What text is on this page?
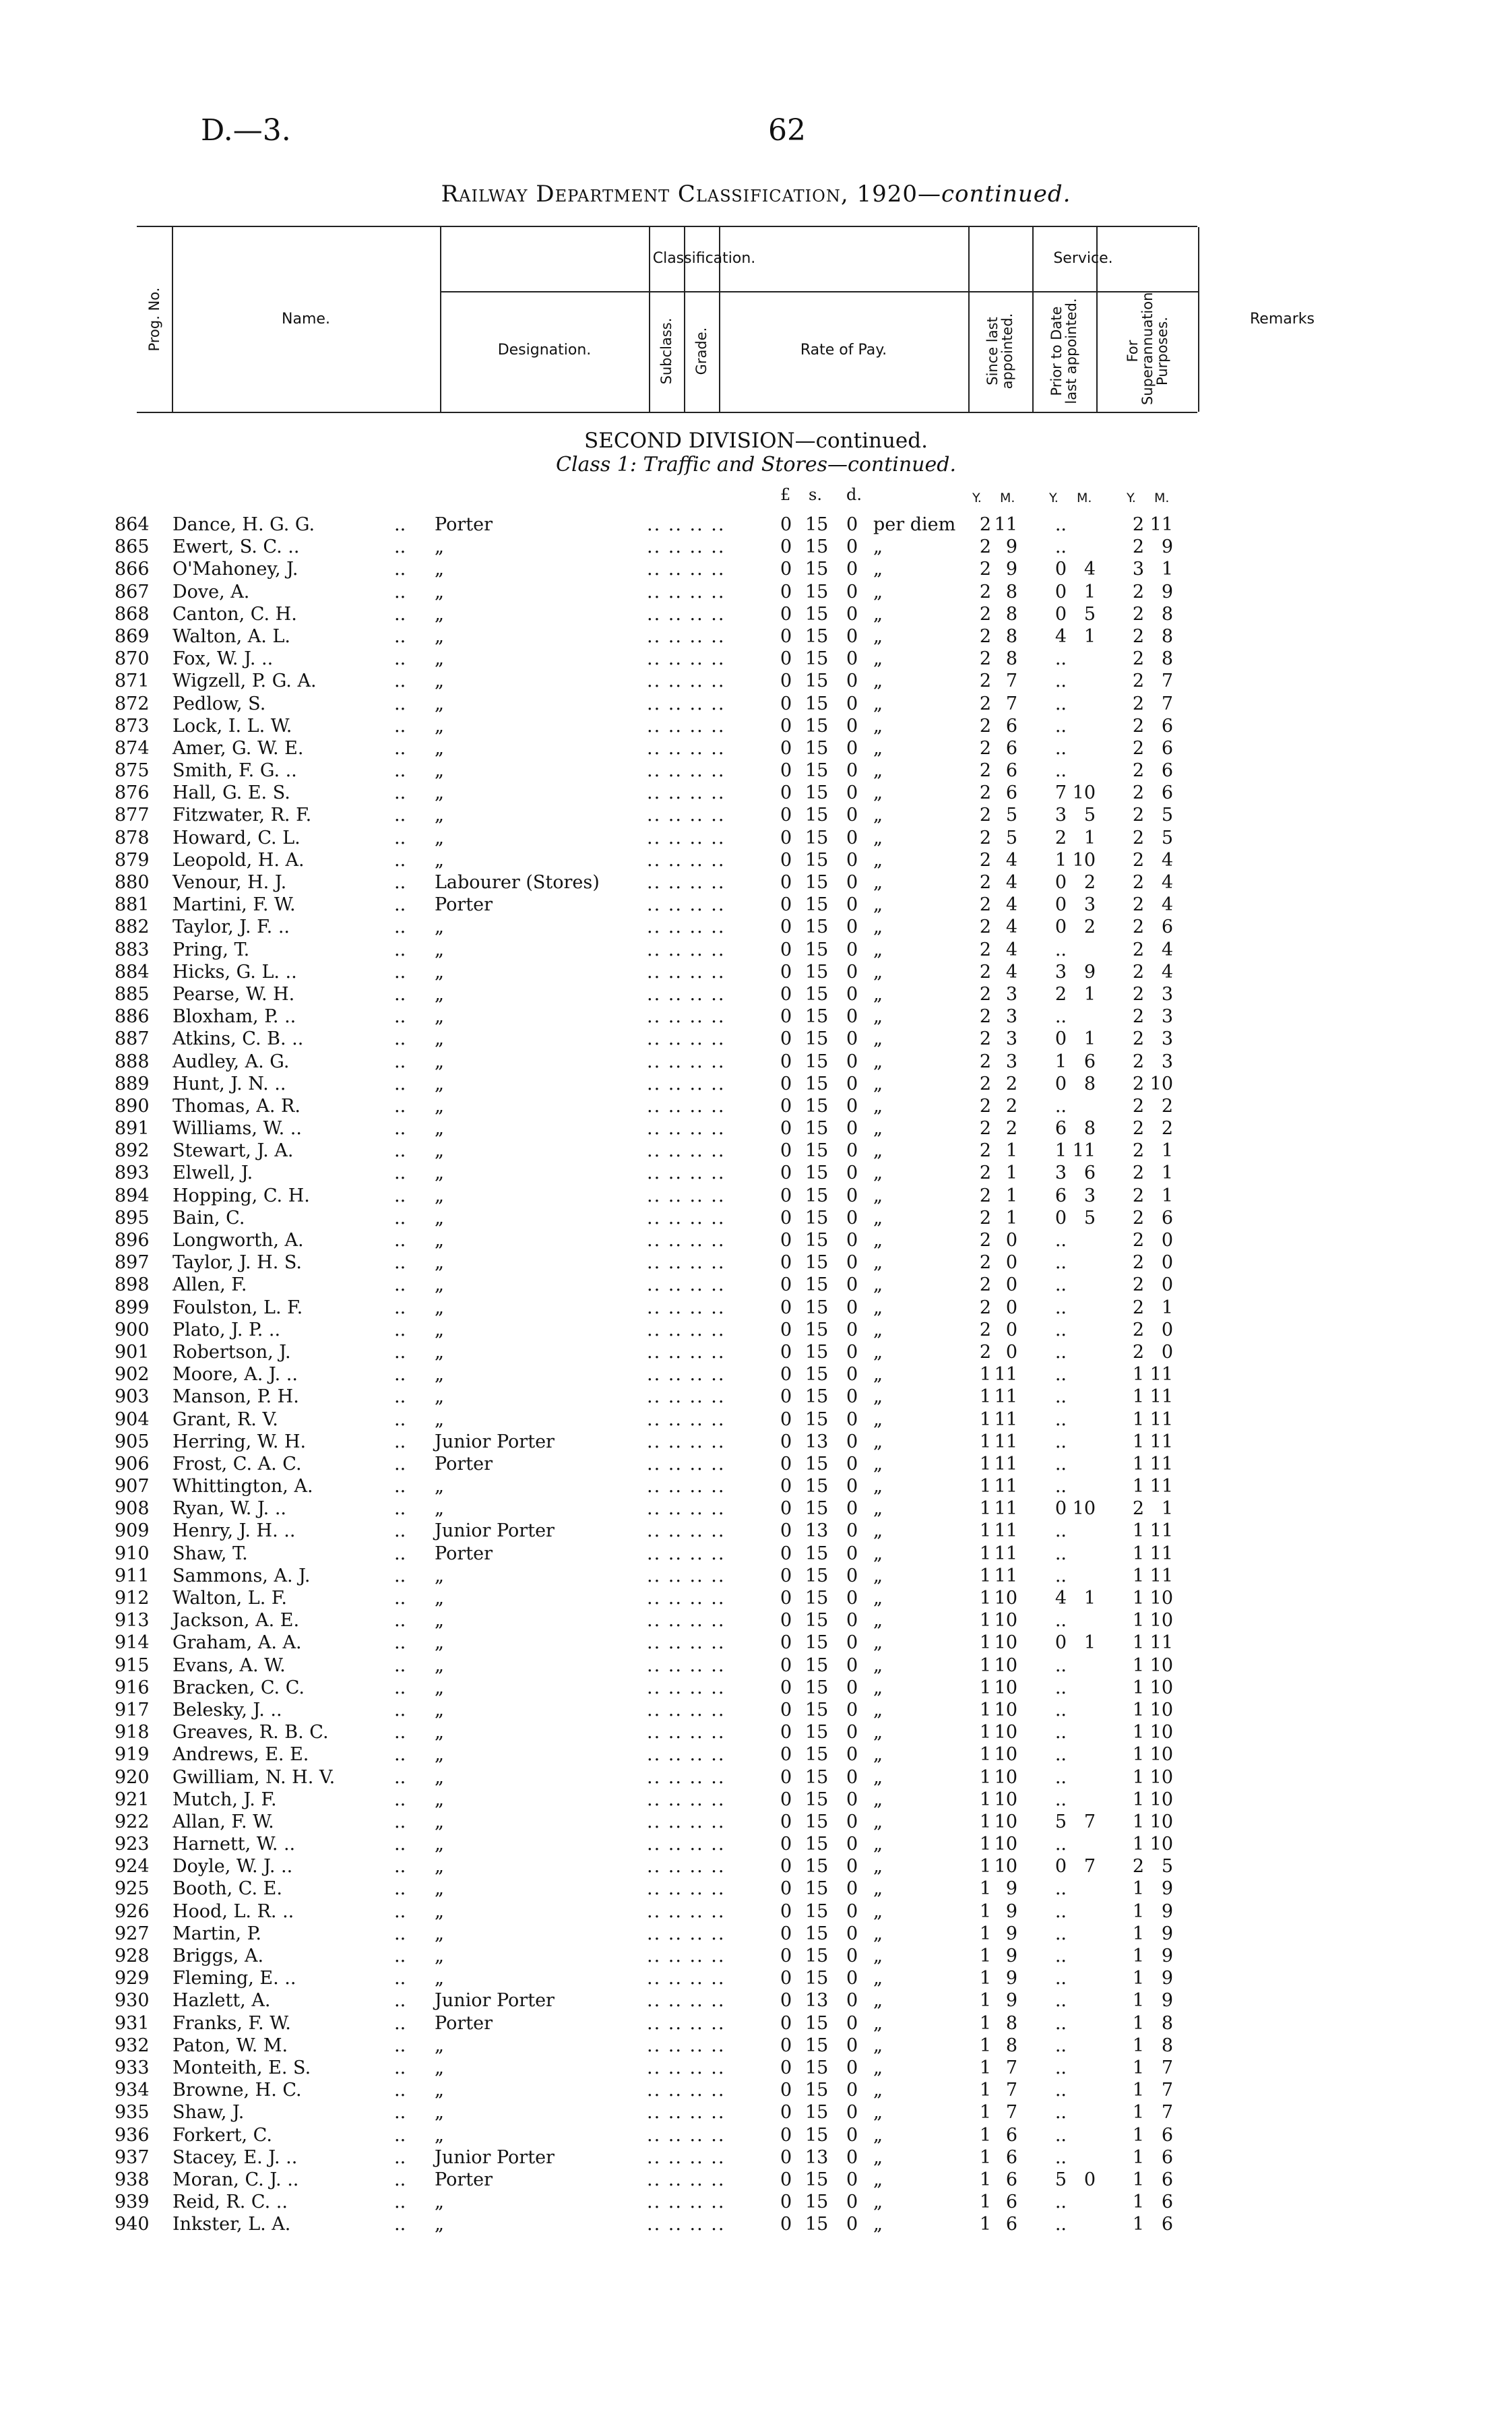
D.—3.	62
Railway Department Classification, 1920—continued.
Prog. No.	Name.
Classification.
Designation.	Subclass. Grade.	Rate of Pay.
Service.
Since last appointed. Prior to Date last appointed.	For Superannuation Purposes.	Remarks
SECOND DIVISION—continued.
Class 1: Traffic and Stores—continued.
£ s. d.	Y. M.	Y. M.	Y. M.
..	.. .. .. ..
864 Dance, H. G. G.	Porter	0 15 0 per diem	2 11	..	2 11
..	.. .. .. ..
865 Ewert, S. C. ..	„	0 15 0 „	2 9	..	2 9
..	.. .. .. ..
866 O'Mahoney, J.	„	0 15 0 „	2 9	0 4	3 1
..	.. .. .. ..
867 Dove, A.	„	0 15 0 „	2 8	0 1	2 9
..	.. .. .. ..
868 Canton, C. H.	„	0 15 0 „	2 8	0 5	2 8
..	.. .. .. ..
869 Walton, A. L.	„	0 15 0 „	2 8	4 1	2 8
..	.. .. .. ..
870 Fox, W. J. ..	„	0 15 0 „	2 8	..	2 8
..	.. .. .. ..
871 Wigzell, P. G. A.	„	0 15 0 „	2 7	..	2 7
..	.. .. .. ..
872 Pedlow, S.	„	0 15 0 „	2 7	..	2 7
..	.. .. .. ..
873 Lock, I. L. W.	„	0 15 0 „	2 6	..	2 6
..	.. .. .. ..
874 Amer, G. W. E.	„	0 15 0 „	2 6	..	2 6
..	.. .. .. ..
875 Smith, F. G. ..	„	0 15 0 „	2 6	..	2 6
..	.. .. .. ..
876 Hall, G. E. S.	„	0 15 0 „	2 6	7 10	2 6
..	.. .. .. ..
877 Fitzwater, R. F.	„	0 15 0 „	2 5	3 5	2 5
..	.. .. .. ..
878 Howard, C. L.	„	0 15 0 „	2 5	2 1	2 5
..	.. .. .. ..
879 Leopold, H. A.	„	0 15 0 „	2 4	1 10	2 4
..	.. .. .. ..
880 Venour, H. J.	Labourer (Stores)	0 15 0 „	2 4	0 2	2 4
..	.. .. .. ..
881 Martini, F. W.	Porter	0 15 0 „	2 4	0 3	2 4
..	.. .. .. ..
882 Taylor, J. F. ..	„	0 15 0 „	2 4	0 2	2 6
..	.. .. .. ..
883 Pring, T.	„	0 15 0 „	2 4	..	2 4
..	.. .. .. ..
884 Hicks, G. L. ..	„	0 15 0 „	2 4	3 9	2 4
..	.. .. .. ..
885 Pearse, W. H.	„	0 15 0 „	2 3	2 1	2 3
..	.. .. .. ..
886 Bloxham, P. ..	„	0 15 0 „	2 3	..	2 3
..	.. .. .. ..
887 Atkins, C. B. ..	„	0 15 0 „	2 3	0 1	2 3
..	.. .. .. ..
888 Audley, A. G.	„	0 15 0 „	2 3	1 6	2 3
..	.. .. .. ..
889 Hunt, J. N. ..	„	0 15 0 „	2 2	0 8	2 10
..	.. .. .. ..
890 Thomas, A. R.	„	0 15 0 „	2 2	..	2 2
..	.. .. .. ..
891 Williams, W. ..	„	0 15 0 „	2 2	6 8	2 2
..	.. .. .. ..
892 Stewart, J. A.	„	0 15 0 „	2 1	1 11	2 1
..	.. .. .. ..
893 Elwell, J.	„	0 15 0 „	2 1	3 6	2 1
..	.. .. .. ..
894 Hopping, C. H.	„	0 15 0 „	2 1	6 3	2 1
..	.. .. .. ..
895 Bain, C.	„	0 15 0 „	2 1	0 5	2 6
..	.. .. .. ..
896 Longworth, A.	„	0 15 0 „	2 0	..	2 0
..	.. .. .. ..
897 Taylor, J. H. S.	„	0 15 0 „	2 0	..	2 0
..	.. .. .. ..
898 Allen, F.	„	0 15 0 „	2 0	..	2 0
..	.. .. .. ..
899 Foulston, L. F.	„	0 15 0 „	2 0	..	2 1
..	.. .. .. ..
900 Plato, J. P. ..	„	0 15 0 „	2 0	..	2 0
..	.. .. .. ..
901 Robertson, J.	„	0 15 0 „	2 0	..	2 0
..	.. .. .. ..
902 Moore, A. J. ..	„	0 15 0 „	1 11	..	1 11
..	.. .. .. ..
903 Manson, P. H.	„	0 15 0 „	1 11	..	1 11
..	.. .. .. ..
904 Grant, R. V.	„	0 15 0 „	1 11	..	1 11
..	.. .. .. ..
905 Herring, W. H.	Junior Porter	0 13 0 „	1 11	..	1 11
..	.. .. .. ..
906 Frost, C. A. C.	Porter	0 15 0 „	1 11	..	1 11
..	.. .. .. ..
907 Whittington, A.	„	0 15 0 „	1 11	..	1 11
..	.. .. .. ..
908 Ryan, W. J. ..	„	0 15 0 „	1 11	0 10	2 1
..	.. .. .. ..
909 Henry, J. H. ..	Junior Porter	0 13 0 „	1 11	..	1 11
..	.. .. .. ..
910 Shaw, T.	Porter	0 15 0 „	1 11	..	1 11
..	.. .. .. ..
911 Sammons, A. J.	„	0 15 0 „	1 11	..	1 11
..	.. .. .. ..
912 Walton, L. F.	„	0 15 0 „	1 10	4 1	1 10
..	.. .. .. ..
913 Jackson, A. E.	„	0 15 0 „	1 10	..	1 10
..	.. .. .. ..
914 Graham, A. A.	„	0 15 0 „	1 10	0 1	1 11
..	.. .. .. ..
915 Evans, A. W.	„	0 15 0 „	1 10	..	1 10
..	.. .. .. ..
916 Bracken, C. C.	„	0 15 0 „	1 10	..	1 10
..	.. .. .. ..
917 Belesky, J. ..	„	0 15 0 „	1 10	..	1 10
..	.. .. .. ..
918 Greaves, R. B. C.	„	0 15 0 „	1 10	..	1 10
..	.. .. .. ..
919 Andrews, E. E.	„	0 15 0 „	1 10	..	1 10
..	.. .. .. ..
920 Gwilliam, N. H. V.	„	0 15 0 „	1 10	..	1 10
..	.. .. .. ..
921 Mutch, J. F.	„	0 15 0 „	1 10	..	1 10
..	.. .. .. ..
922 Allan, F. W.	„	0 15 0 „	1 10	5 7	1 10
..	.. .. .. ..
923 Harnett, W. ..	„	0 15 0 „	1 10	..	1 10
..	.. .. .. ..
924 Doyle, W. J. ..	„	0 15 0 „	1 10	0 7	2 5
..	.. .. .. ..
925 Booth, C. E.	„	0 15 0 „	1 9	..	1 9
..	.. .. .. ..
926 Hood, L. R. ..	„	0 15 0 „	1 9	..	1 9
..	.. .. .. ..
927 Martin, P.	„	0 15 0 „	1 9	..	1 9
..	.. .. .. ..
928 Briggs, A.	„	0 15 0 „	1 9	..	1 9
..	.. .. .. ..
929 Fleming, E. ..	„	0 15 0 „	1 9	..	1 9
..	.. .. .. ..
930 Hazlett, A.	Junior Porter	0 13 0 „	1 9	..	1 9
..	.. .. .. ..
931 Franks, F. W.	Porter	0 15 0 „	1 8	..	1 8
..	.. .. .. ..
932 Paton, W. M.	„	0 15 0 „	1 8	..	1 8
..	.. .. .. ..
933 Monteith, E. S.	„	0 15 0 „	1 7	..	1 7
..	.. .. .. ..
934 Browne, H. C.	„	0 15 0 „	1 7	..	1 7
..	.. .. .. ..
935 Shaw, J.	„	0 15 0 „	1 7	..	1 7
..	.. .. .. ..
936 Forkert, C.	„	0 15 0 „	1 6	..	1 6
..	.. .. .. ..
937 Stacey, E. J. ..	Junior Porter	0 13 0 „	1 6	..	1 6
..	.. .. .. ..
938 Moran, C. J. ..	Porter	0 15 0 „	1 6	5 0	1 6
..	.. .. .. ..
939 Reid, R. C. ..	„	0 15 0 „	1 6	..	1 6
..	.. .. .. ..
940 Inkster, L. A.	„	0 15 0 „	1 6	..	1 6
